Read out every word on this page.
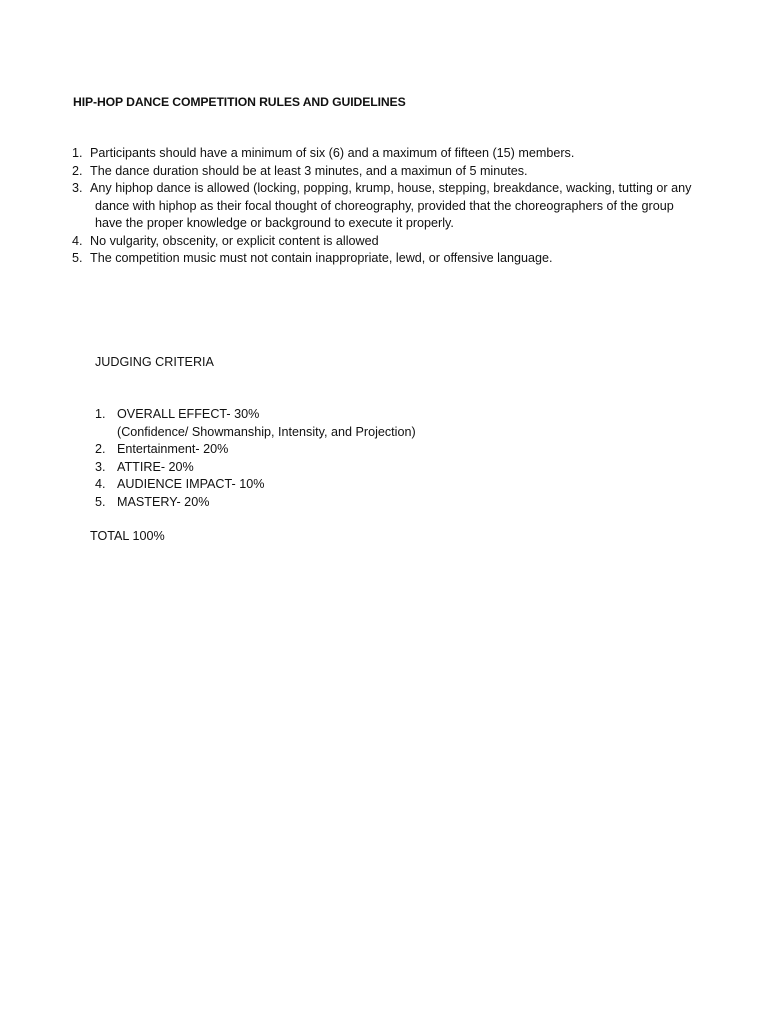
HIP-HOP DANCE COMPETITION RULES AND GUIDELINES
1. Participants should have a minimum of six (6) and a maximum of fifteen (15) members.
2. The dance duration should be at least 3 minutes, and a maximun of 5 minutes.
3. Any hiphop dance is allowed (locking, popping, krump, house, stepping, breakdance, wacking, tutting or any
dance with hiphop as their focal thought of choreography, provided that the choreographers of the group
have the proper knowledge or background to execute it properly.
4. No vulgarity, obscenity, or explicit content is allowed
5. The competition music must not contain inappropriate, lewd, or offensive language.
JUDGING CRITERIA
1. OVERALL EFFECT- 30%
(Confidence/ Showmanship, Intensity, and Projection)
2. Entertainment- 20%
3. ATTIRE- 20%
4. AUDIENCE IMPACT- 10%
5. MASTERY- 20%
TOTAL 100%
